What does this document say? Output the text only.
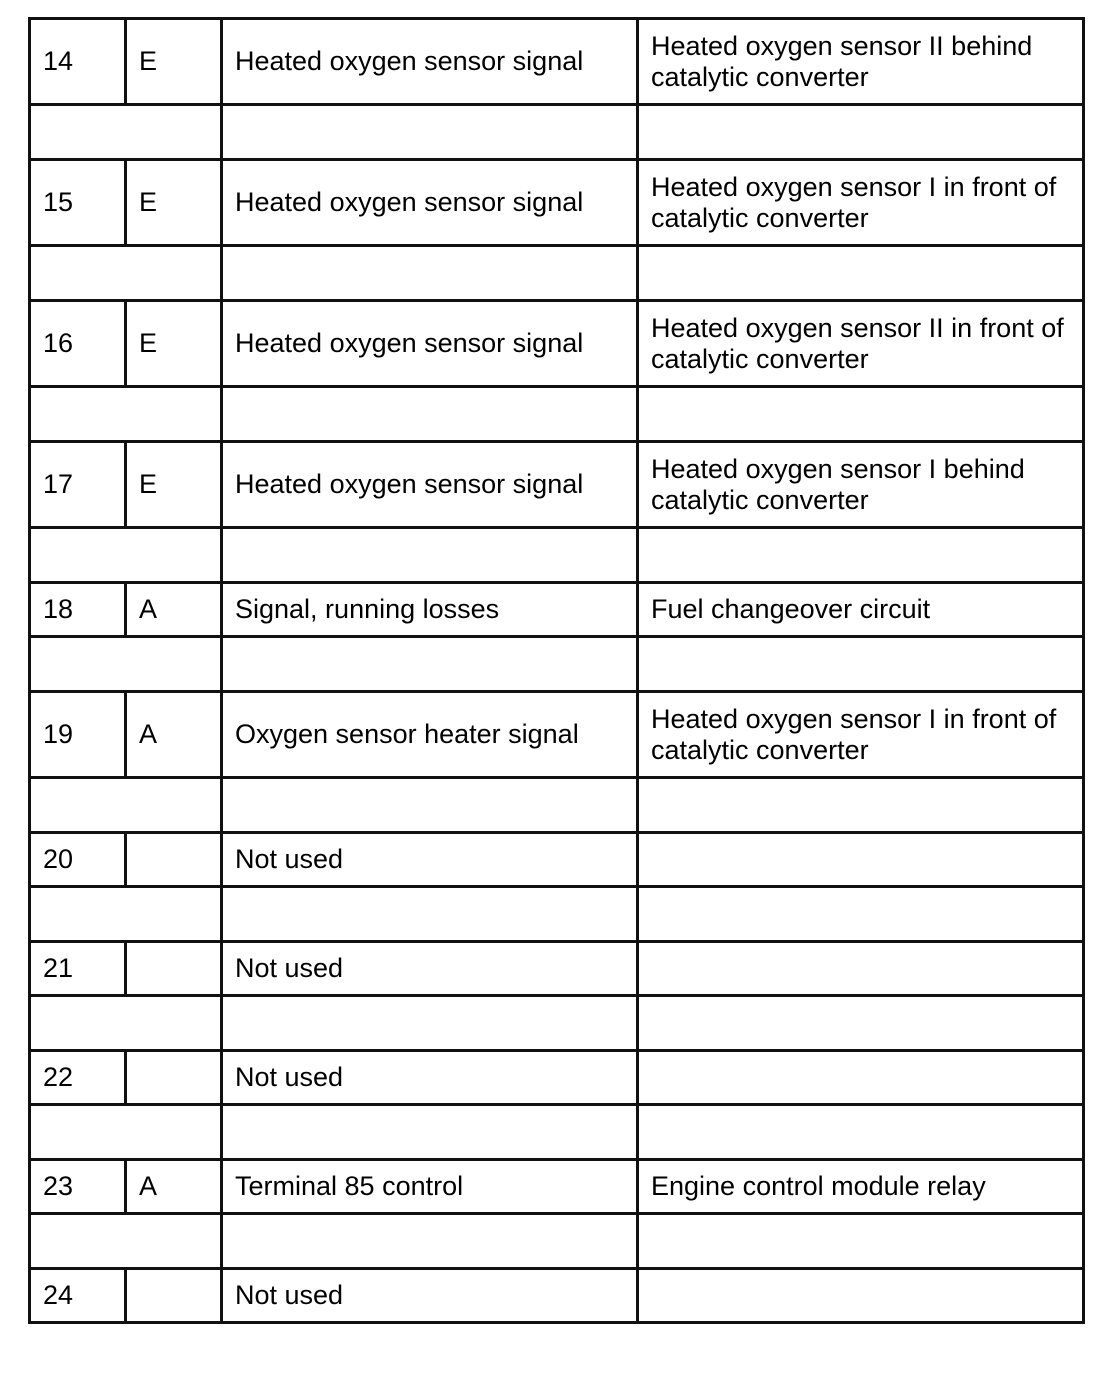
14	E	Heated oxygen sensor signal	Heated oxygen sensor II behind catalytic converter

15	E	Heated oxygen sensor signal	Heated oxygen sensor I in front of catalytic converter

16	E	Heated oxygen sensor signal	Heated oxygen sensor II in front of catalytic converter

17	E	Heated oxygen sensor signal	Heated oxygen sensor I behind catalytic converter

18	A	Signal, running losses	Fuel changeover circuit

19	A	Oxygen sensor heater signal	Heated oxygen sensor I in front of catalytic converter

20		Not used	

21		Not used	

22		Not used	

23	A	Terminal 85 control	Engine control module relay

24		Not used	
